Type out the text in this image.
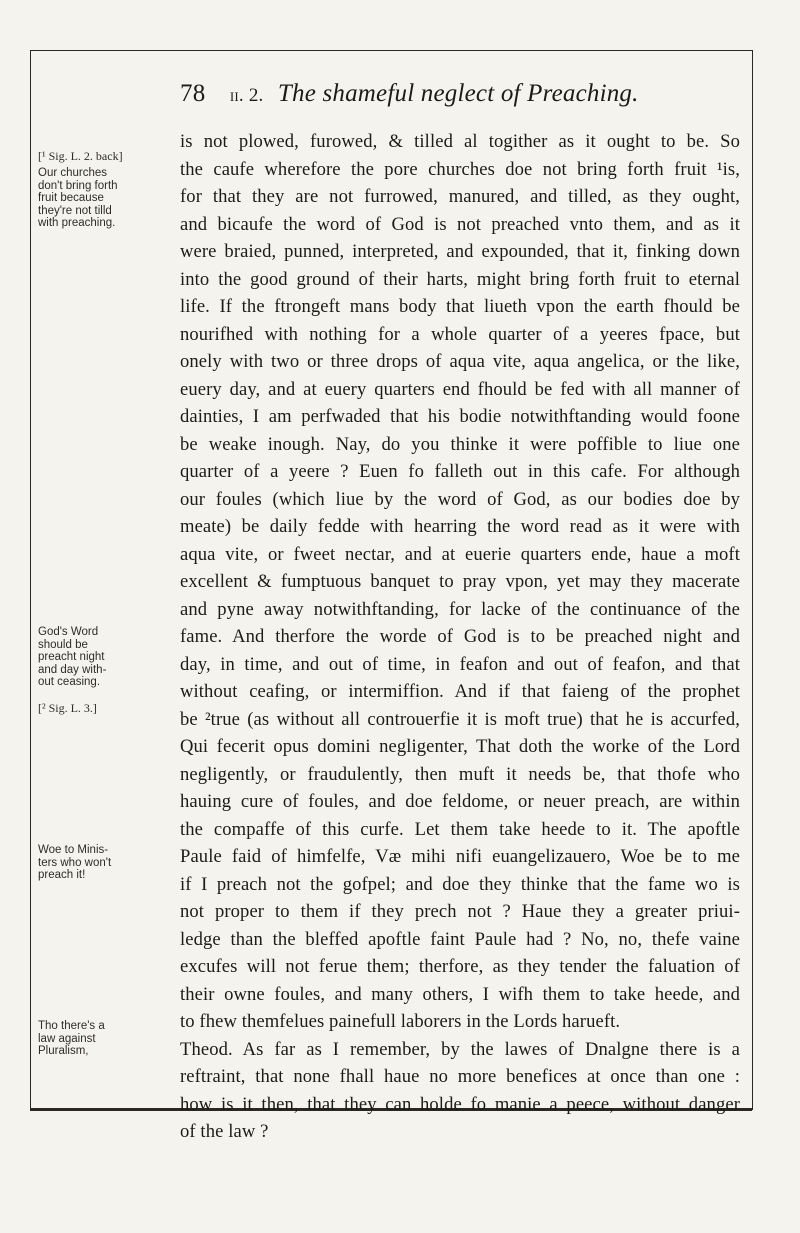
78 ii. 2. The shameful neglect of Preaching.
[¹ Sig. L. 2. back]
Our churches
don't bring forth
fruit because
they're not tilld
with preaching.
God's Word
should be
preacht night
and day with-
out ceasing.
[² Sig. L. 3.]
Woe to Minis-
ters who won't
preach it!
Tho there's a
law against
Pluralism,
is not plowed, furowed, & tilled al togither as it ought to be. So
the caufe wherefore the pore churches doe not bring forth fruit ¹is,
for that they are not furrowed, manured, and tilled, as they ought,
and bicaufe the word of God is not preached vnto them, and as it
were braied, punned, interpreted, and expounded, that it, finking down
into the good ground of their harts, might bring forth fruit to eternal
life. If the ftrongeft mans body that liueth vpon the earth fhould be
nourifhed with nothing for a whole quarter of a yeeres fpace, but
onely with two or three drops of aqua vite, aqua angelica, or the like,
euery day, and at euery quarters end fhould be fed with all manner of
dainties, I am perfwaded that his bodie notwithftanding would foone
be weake inough. Nay, do you thinke it were poffible to liue one
quarter of a yeere ? Euen fo falleth out in this cafe. For although
our foules (which liue by the word of God, as our bodies doe by
meate) be daily fedde with hearring the word read as it were with
aqua vite, or fweet nectar, and at euerie quarters ende, haue a moft
excellent & fumptuous banquet to pray vpon, yet may they macerate
and pyne away notwithftanding, for lacke of the continuance of the
fame. And therfore the worde of God is to be preached night and
day, in time, and out of time, in feafon and out of feafon, and that
without ceafing, or intermiffion. And if that faieng of the prophet
be ²true (as without all controuerfie it is moft true) that he is accurfed,
Qui fecerit opus domini negligenter, That doth the worke of the Lord
negligently, or fraudulently, then muft it needs be, that thofe who
hauing cure of foules, and doe feldome, or neuer preach, are within
the compaffe of this curfe. Let them take heede to it. The apoftle
Paule faid of himfelfe, Væ mihi nifi euangelizauero, Woe be to me
if I preach not the gofpel; and doe they thinke that the fame wo is
not proper to them if they prech not ? Haue they a greater priui-
ledge than the bleffed apoftle faint Paule had ? No, no, thefe vaine
excufes will not ferue them; therfore, as they tender the faluation of
their owne foules, and many others, I wifh them to take heede, and
to fhew themfelues painefull laborers in the Lords harueft.
Theod. As far as I remember, by the lawes of Dnalgne there is a
reftraint, that none fhall haue no more benefices at once than one :
how is it then, that they can holde fo manie a peece, without danger
of the law ?
